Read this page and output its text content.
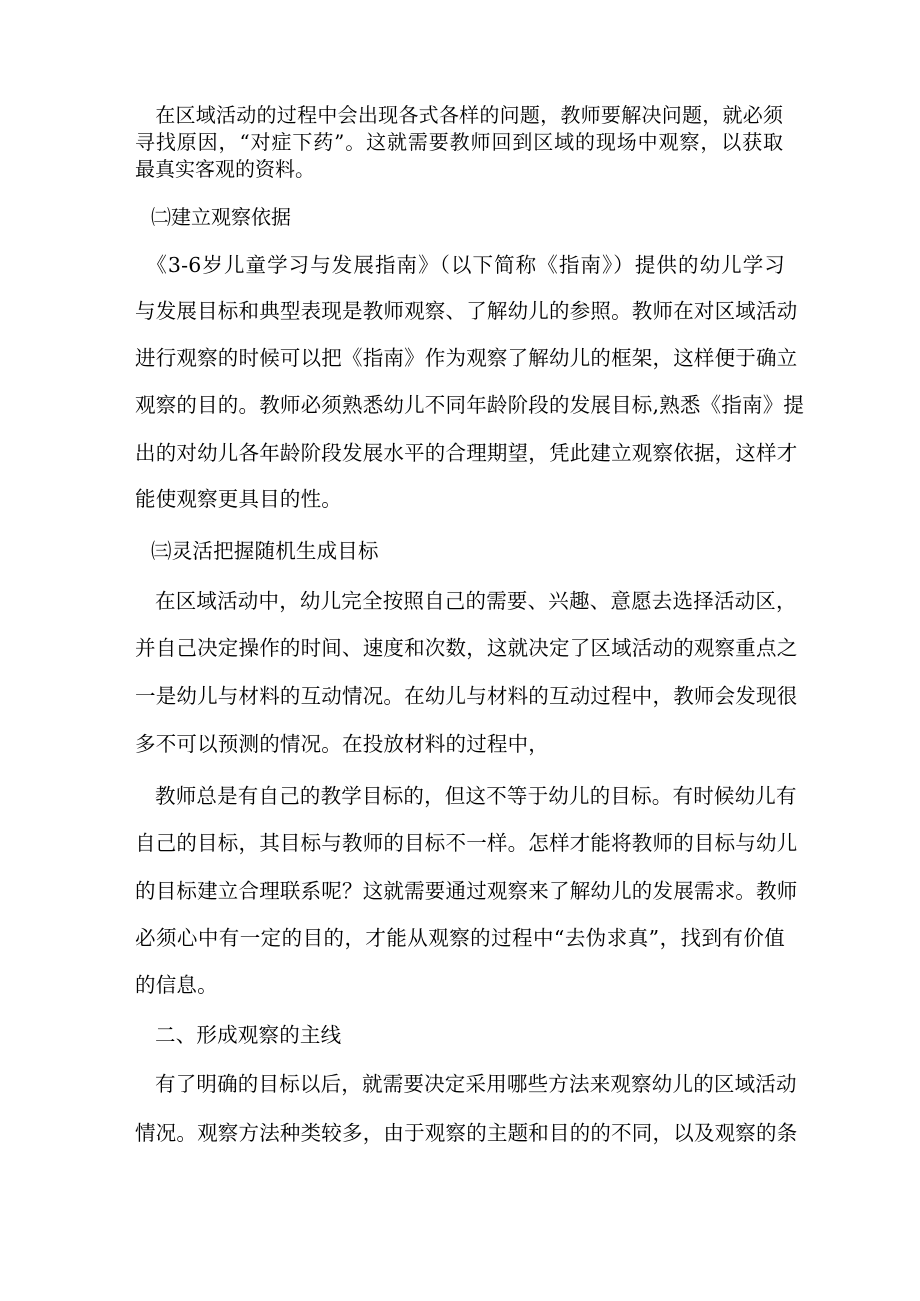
　在区域活动的过程中会出现各式各样的问题，教师要解决问题，就必须
寻找原因，“对症下药”。这就需要教师回到区域的现场中观察，以获取
最真实客观的资料。
㈡建立观察依据
　《3-6岁儿童学习与发展指南》（以下简称《指南》）提供的幼儿学习
与发展目标和典型表现是教师观察、了解幼儿的参照。教师在对区域活动
进行观察的时候可以把《指南》作为观察了解幼儿的框架，这样便于确立
观察的目的。教师必须熟悉幼儿不同年龄阶段的发展目标,熟悉《指南》提
出的对幼儿各年龄阶段发展水平的合理期望，凭此建立观察依据，这样才
能使观察更具目的性。
㈢灵活把握随机生成目标
在区域活动中，幼儿完全按照自己的需要、兴趣、意愿去选择活动区，
并自己决定操作的时间、速度和次数，这就决定了区域活动的观察重点之
一是幼儿与材料的互动情况。在幼儿与材料的互动过程中，教师会发现很
多不可以预测的情况。在投放材料的过程中，
教师总是有自己的教学目标的，但这不等于幼儿的目标。有时候幼儿有
自己的目标，其目标与教师的目标不一样。怎样才能将教师的目标与幼儿
的目标建立合理联系呢？这就需要通过观察来了解幼儿的发展需求。教师
必须心中有一定的目的，才能从观察的过程中“去伪求真”，找到有价值
的信息。
二、形成观察的主线
有了明确的目标以后，就需要决定采用哪些方法来观察幼儿的区域活动
情况。观察方法种类较多，由于观察的主题和目的的不同，以及观察的条
